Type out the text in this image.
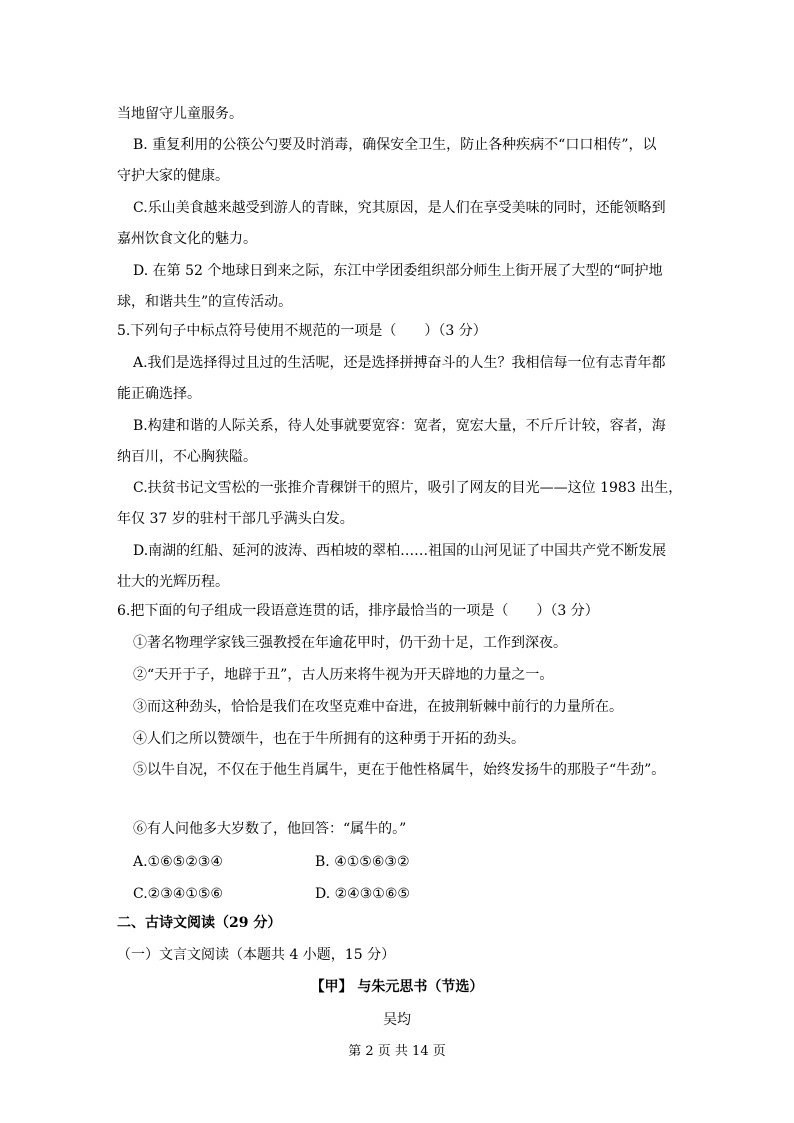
当地留守儿童服务。
B. 重复利用的公筷公勺要及时消毒，确保安全卫生，防止各种疾病不“口口相传”，以
守护大家的健康。
C.乐山美食越来越受到游人的青睐，究其原因，是人们在享受美味的同时，还能领略到
嘉州饮食文化的魅力。
D. 在第 52 个地球日到来之际，东江中学团委组织部分师生上街开展了大型的“呵护地
球，和谐共生”的宣传活动。
5.下列句子中标点符号使用不规范的一项是（　　）（3 分）
A.我们是选择得过且过的生活呢，还是选择拼搏奋斗的人生？我相信每一位有志青年都
能正确选择。
B.构建和谐的人际关系，待人处事就要宽容：宽者，宽宏大量，不斤斤计较，容者，海
纳百川，不心胸狭隘。
C.扶贫书记文雪松的一张推介青稞饼干的照片，吸引了网友的目光——这位 1983 出生，
年仅 37 岁的驻村干部几乎满头白发。
D.南湖的红船、延河的波涛、西柏坡的翠柏……祖国的山河见证了中国共产党不断发展
壮大的光辉历程。
6.把下面的句子组成一段语意连贯的话，排序最恰当的一项是（　　）（3 分）
①著名物理学家钱三强教授在年逾花甲时，仍干劲十足，工作到深夜。
②“天开于子，地辟于丑”，古人历来将牛视为开天辟地的力量之一。
③而这种劲头，恰恰是我们在攻坚克难中奋进，在披荆斩棘中前行的力量所在。
④人们之所以赞颂牛，也在于牛所拥有的这种勇于开拓的劲头。
⑤以牛自况，不仅在于他生肖属牛，更在于他性格属牛，始终发扬牛的那股子“牛劲”。
⑥有人问他多大岁数了，他回答：“属牛的。”
A.①⑥⑤②③④	B. ④①⑤⑥③②
C.②③④①⑤⑥	D. ②④③①⑥⑤
二、古诗文阅读（29 分）
（一）文言文阅读（本题共 4 小题，15 分）
【甲】 与朱元思书（节选）
吴均
第 2 页 共 14 页
